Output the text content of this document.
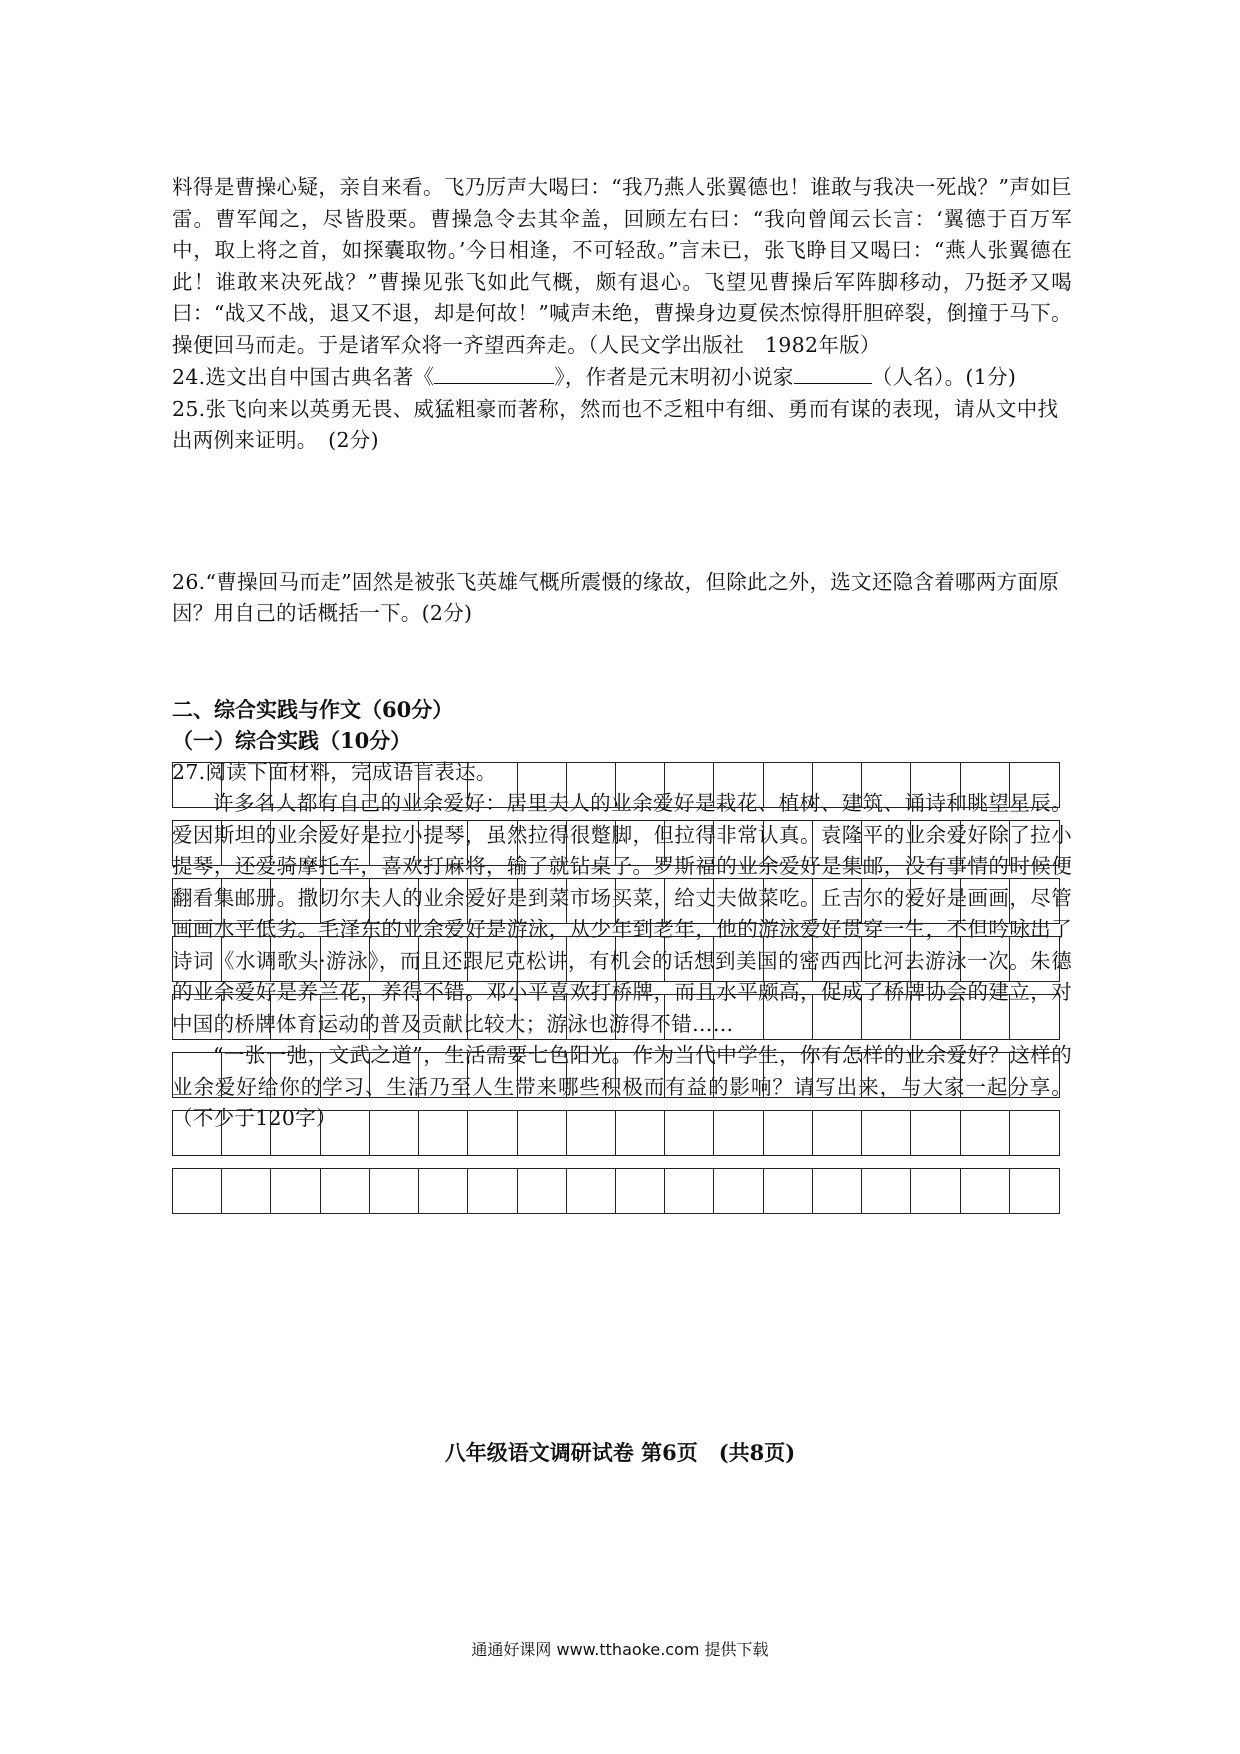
料得是曹操心疑，亲自来看。飞乃厉声大喝曰：“我乃燕人张翼德也！谁敢与我决一死战？”声如巨雷。曹军闻之，尽皆股栗。曹操急令去其伞盖，回顾左右曰：“我向曾闻云长言：‘翼德于百万军中，取上将之首，如探囊取物。’今日相逢，不可轻敌。”言未已，张飞睁目又喝曰：“燕人张翼德在此！谁敢来决死战？”曹操见张飞如此气概，颇有退心。飞望见曹操后军阵脚移动，乃挺矛又喝曰：“战又不战，退又不退，却是何故！”喊声未绝，曹操身边夏侯杰惊得肝胆碎裂，倒撞于马下。操便回马而走。于是诸军众将一齐望西奔走。（人民文学出版社　1982年版）

24.选文出自中国古典名著《	》，作者是元末明初小说家	（人名）。(1分)

25.张飞向来以英勇无畏、威猛粗豪而著称，然而也不乏粗中有细、勇而有谋的表现，请从文中找出两例来证明。　(2分)

26.“曹操回马而走”固然是被张飞英雄气概所震慑的缘故，但除此之外，选文还隐含着哪两方面原因？用自己的话概括一下。(2分)

二、综合实践与作文（60分）

（一）综合实践（10分）

27.阅读下面材料，完成语言表达。

许多名人都有自己的业余爱好：居里夫人的业余爱好是栽花、植树、建筑、诵诗和眺望星辰。爱因斯坦的业余爱好是拉小提琴，虽然拉得很蹩脚，但拉得非常认真。袁隆平的业余爱好除了拉小提琴，还爱骑摩托车，喜欢打麻将，输了就钻桌子。罗斯福的业余爱好是集邮，没有事情的时候便翻看集邮册。撒切尔夫人的业余爱好是到菜市场买菜，给丈夫做菜吃。丘吉尔的爱好是画画，尽管画画水平低劣。毛泽东的业余爱好是游泳，从少年到老年，他的游泳爱好贯穿一生，不但吟咏出了诗词《水调歌头·游泳》，而且还跟尼克松讲，有机会的话想到美国的密西西比河去游泳一次。朱德的业余爱好是养兰花，养得不错。邓小平喜欢打桥牌，而且水平颇高，促成了桥牌协会的建立，对中国的桥牌体育运动的普及贡献比较大；游泳也游得不错……

“一张一弛，文武之道”，生活需要七色阳光。作为当代中学生，你有怎样的业余爱好？这样的业余爱好给你的学习、生活乃至人生带来哪些积极而有益的影响？请写出来，与大家一起分享。（不少于120字）

八年级语文调研试卷 第6页　(共8页)
通通好课网 www.tthaoke.com 提供下载
